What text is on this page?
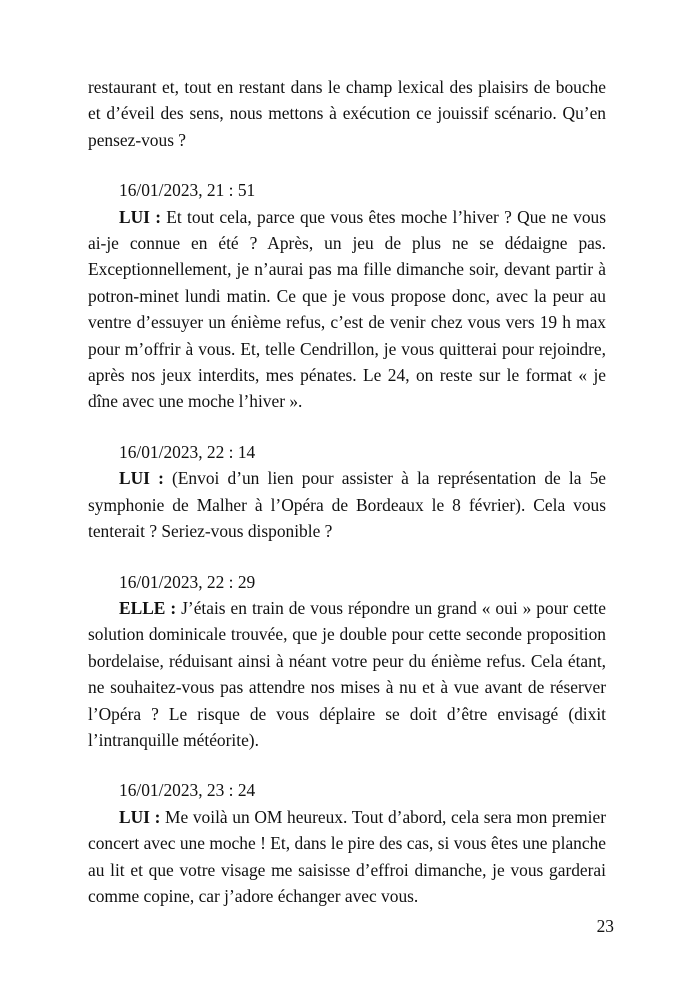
restaurant et, tout en restant dans le champ lexical des plaisirs de bouche et d’éveil des sens, nous mettons à exécution ce jouissif scénario. Qu’en pensez-vous ?

16/01/2023, 21 : 51

LUI : Et tout cela, parce que vous êtes moche l’hiver ? Que ne vous ai-je connue en été ? Après, un jeu de plus ne se dédaigne pas. Exceptionnellement, je n’aurai pas ma fille dimanche soir, devant partir à potron-minet lundi matin. Ce que je vous propose donc, avec la peur au ventre d’essuyer un énième refus, c’est de venir chez vous vers 19 h max pour m’offrir à vous. Et, telle Cendrillon, je vous quitterai pour rejoindre, après nos jeux interdits, mes pénates. Le 24, on reste sur le format « je dîne avec une moche l’hiver ».

16/01/2023, 22 : 14

LUI : (Envoi d’un lien pour assister à la représentation de la 5e symphonie de Malher à l’Opéra de Bordeaux le 8 février). Cela vous tenterait ? Seriez-vous disponible ?

16/01/2023, 22 : 29

ELLE : J’étais en train de vous répondre un grand « oui » pour cette solution dominicale trouvée, que je double pour cette seconde proposition bordelaise, réduisant ainsi à néant votre peur du énième refus. Cela étant, ne souhaitez-vous pas attendre nos mises à nu et à vue avant de réserver l’Opéra ? Le risque de vous déplaire se doit d’être envisagé (dixit l’intranquille météorite).

16/01/2023, 23 : 24

LUI : Me voilà un OM heureux. Tout d’abord, cela sera mon premier concert avec une moche ! Et, dans le pire des cas, si vous êtes une planche au lit et que votre visage me saisisse d’effroi dimanche, je vous garderai comme copine, car j’adore échanger avec vous.

23
